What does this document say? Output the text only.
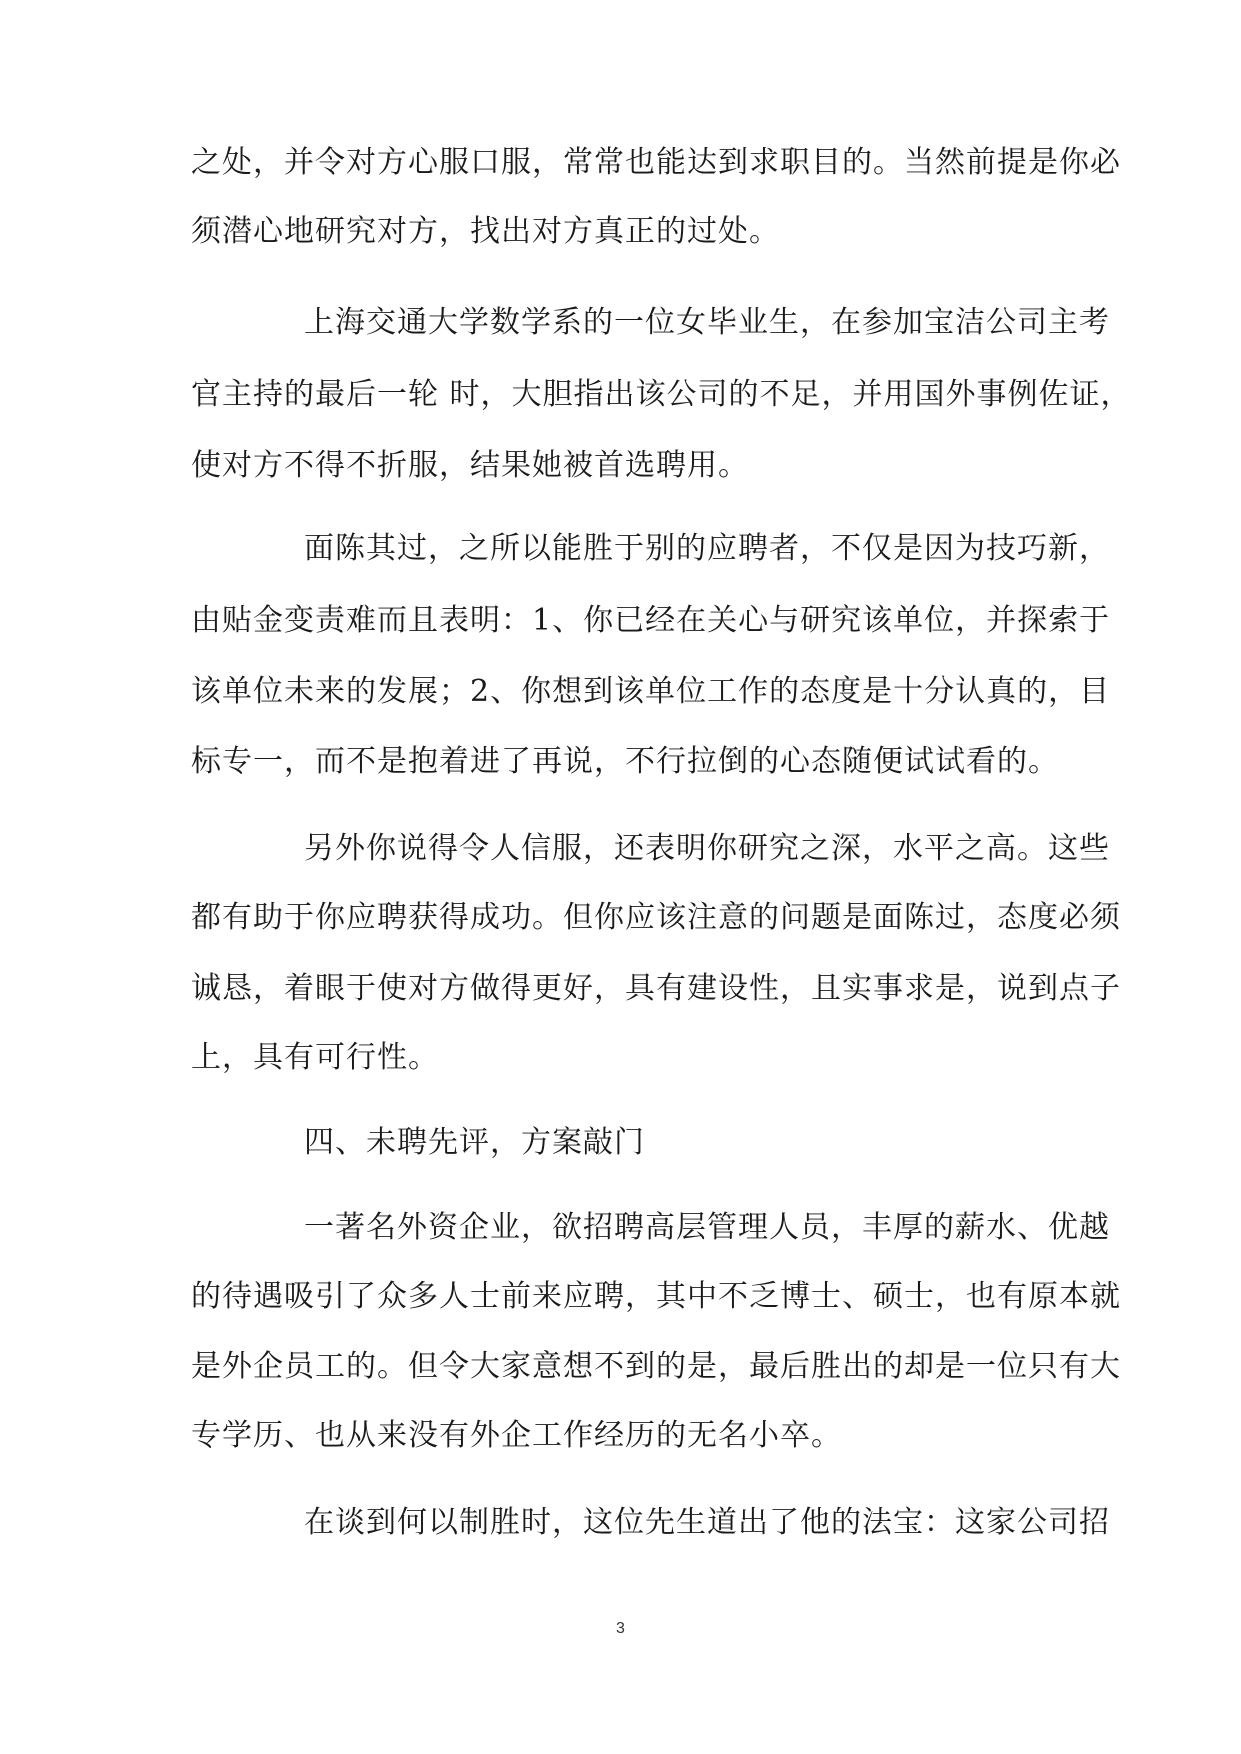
之处，并令对方心服口服，常常也能达到求职目的。当然前提是你必
须潜心地研究对方，找出对方真正的过处。
上海交通大学数学系的一位女毕业生，在参加宝洁公司主考
官主持的最后一轮 时，大胆指出该公司的不足，并用国外事例佐证，
使对方不得不折服，结果她被首选聘用。
面陈其过，之所以能胜于别的应聘者，不仅是因为技巧新，
由贴金变责难而且表明：1、你已经在关心与研究该单位，并探索于
该单位未来的发展；2、你想到该单位工作的态度是十分认真的，目
标专一，而不是抱着进了再说，不行拉倒的心态随便试试看的。
另外你说得令人信服，还表明你研究之深，水平之高。这些
都有助于你应聘获得成功。但你应该注意的问题是面陈过，态度必须
诚恳，着眼于使对方做得更好，具有建设性，且实事求是，说到点子
上，具有可行性。
四、未聘先评，方案敲门
一著名外资企业，欲招聘高层管理人员，丰厚的薪水、优越
的待遇吸引了众多人士前来应聘，其中不乏博士、硕士，也有原本就
是外企员工的。但令大家意想不到的是，最后胜出的却是一位只有大
专学历、也从来没有外企工作经历的无名小卒。
在谈到何以制胜时，这位先生道出了他的法宝：这家公司招
3
